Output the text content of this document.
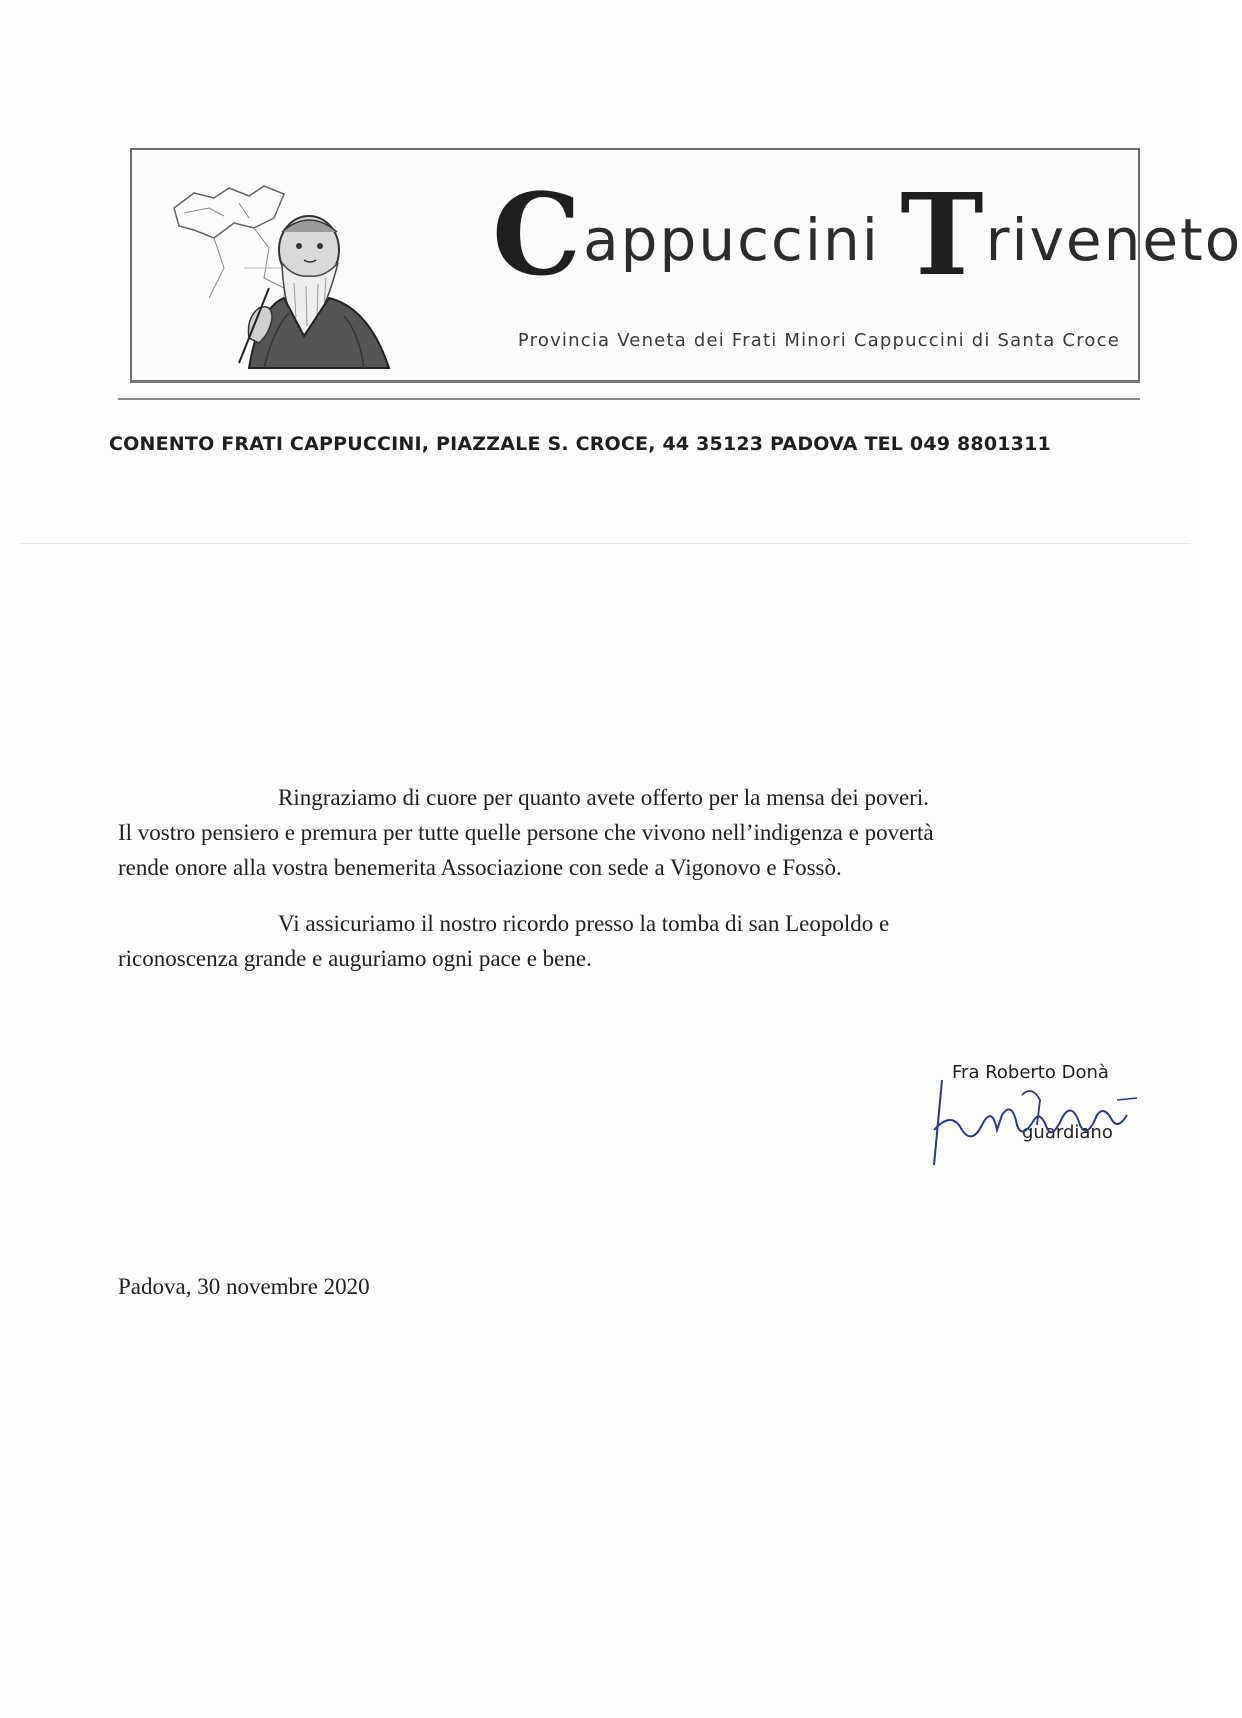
Cappuccini Triveneto
Provincia Veneta dei Frati Minori Cappuccini di Santa Croce
CONENTO FRATI CAPPUCCINI, PIAZZALE S. CROCE, 44 35123 PADOVA TEL 049 8801311

Ringraziamo di cuore per quanto avete offerto per la mensa dei poveri.

Il vostro pensiero e premura per tutte quelle persone che vivono nell’indigenza e povertà

rende onore alla vostra benemerita Associazione con sede a Vigonovo e Fossò.

Vi assicuriamo il nostro ricordo presso la tomba di san Leopoldo e

riconoscenza grande e auguriamo ogni pace e bene.

Fra Roberto Donà
guardiano
Padova, 30 novembre 2020
